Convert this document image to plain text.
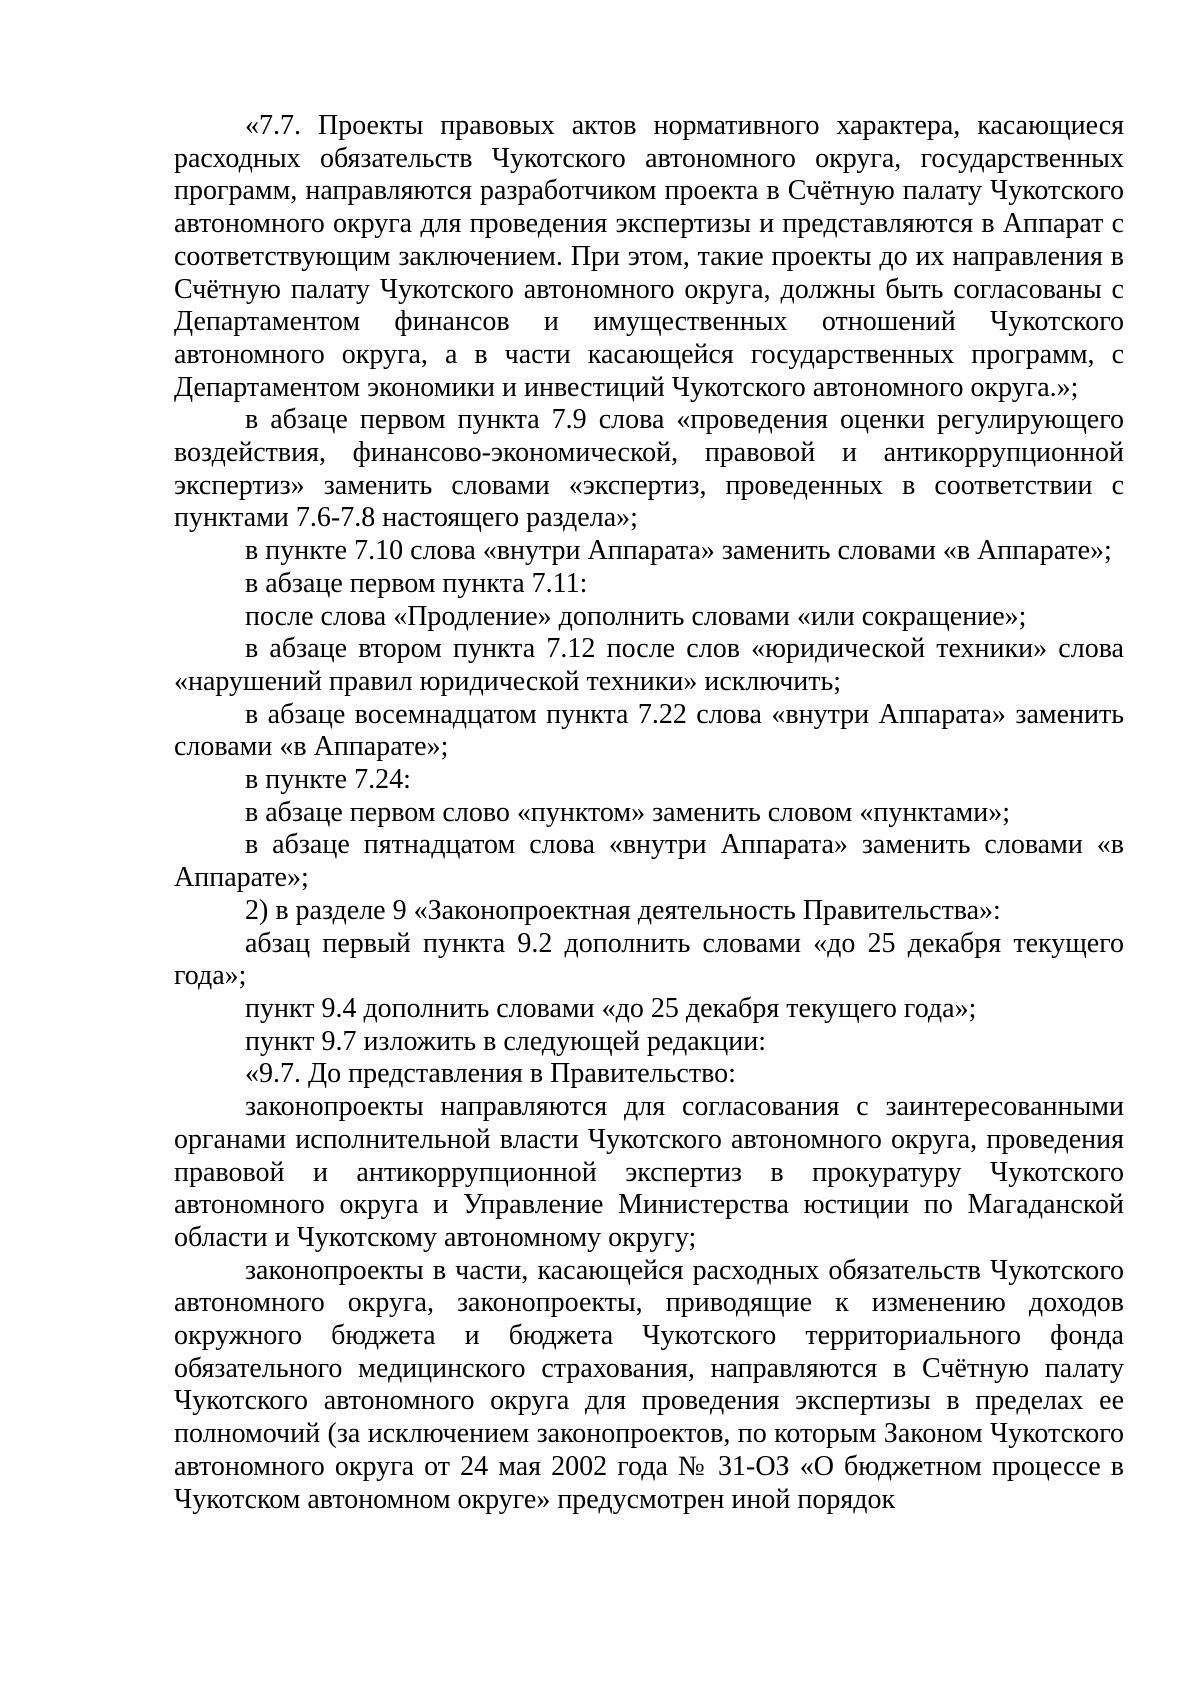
«7.7. Проекты правовых актов нормативного характера, касающиеся расходных обязательств Чукотского автономного округа, государственных программ, направляются разработчиком проекта в Счётную палату Чукотского автономного округа для проведения экспертизы и представляются в Аппарат с соответствующим заключением. При этом, такие проекты до их направления в Счётную палату Чукотского автономного округа, должны быть согласованы с Департаментом финансов и имущественных отношений Чукотского автономного округа, а в части касающейся государственных программ, с Департаментом экономики и инвестиций Чукотского автономного округа.»;

в абзаце первом пункта 7.9 слова «проведения оценки регулирующего воздействия, финансово-экономической, правовой и антикоррупционной экспертиз» заменить словами «экспертиз, проведенных в соответствии с пунктами 7.6-7.8 настоящего раздела»;

в пункте 7.10 слова «внутри Аппарата» заменить словами «в Аппарате»;

в абзаце первом пункта 7.11:

после слова «Продление» дополнить словами «или сокращение»;

в абзаце втором пункта 7.12 после слов «юридической техники» слова «нарушений правил юридической техники» исключить;

в абзаце восемнадцатом пункта 7.22 слова «внутри Аппарата» заменить словами «в Аппарате»;

в пункте 7.24:

в абзаце первом слово «пунктом» заменить словом «пунктами»;

в абзаце пятнадцатом слова «внутри Аппарата» заменить словами «в Аппарате»;

2) в разделе 9 «Законопроектная деятельность Правительства»:

абзац первый пункта 9.2 дополнить словами «до 25 декабря текущего года»;

пункт 9.4 дополнить словами «до 25 декабря текущего года»;

пункт 9.7 изложить в следующей редакции:

«9.7. До представления в Правительство:

законопроекты направляются для согласования с заинтересованными органами исполнительной власти Чукотского автономного округа, проведения правовой и антикоррупционной экспертиз в прокуратуру Чукотского автономного округа и Управление Министерства юстиции по Магаданской области и Чукотскому автономному округу;

законопроекты в части, касающейся расходных обязательств Чукотского автономного округа, законопроекты, приводящие к изменению доходов окружного бюджета и бюджета Чукотского территориального фонда обязательного медицинского страхования, направляются в Счётную палату Чукотского автономного округа для проведения экспертизы в пределах ее полномочий (за исключением законопроектов, по которым Законом Чукотского автономного округа от 24 мая 2002 года № 31-ОЗ «О бюджетном процессе в Чукотском автономном округе» предусмотрен иной порядок
